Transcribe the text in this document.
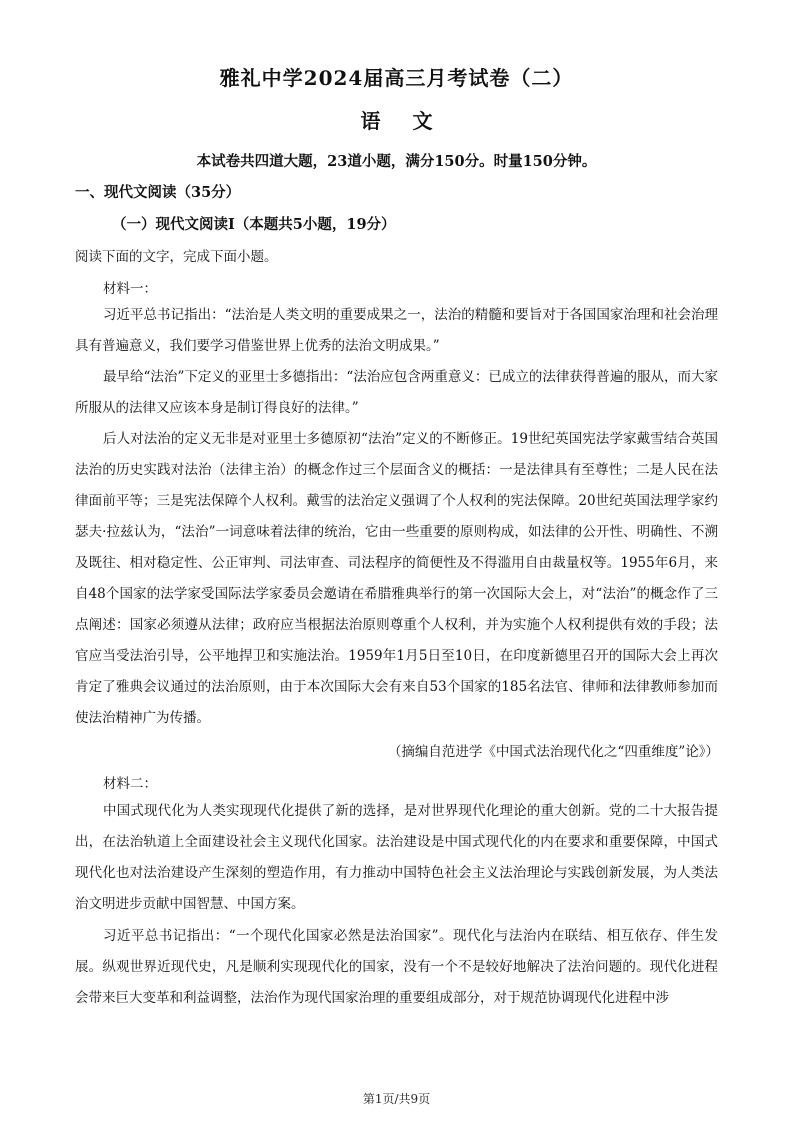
雅礼中学2024届高三月考试卷（二）
语 文
本试卷共四道大题，23道小题，满分150分。时量150分钟。
一、现代文阅读（35分）
（一）现代文阅读Ⅰ（本题共5小题，19分）
阅读下面的文字，完成下面小题。
材料一：

习近平总书记指出：“法治是人类文明的重要成果之一，法治的精髓和要旨对于各国国家治理和社会治理具有普遍意义，我们要学习借鉴世界上优秀的法治文明成果。”

最早给“法治”下定义的亚里士多德指出：“法治应包含两重意义：已成立的法律获得普遍的服从，而大家所服从的法律又应该本身是制订得良好的法律。”

后人对法治的定义无非是对亚里士多德原初“法治”定义的不断修正。19世纪英国宪法学家戴雪结合英国法治的历史实践对法治（法律主治）的概念作过三个层面含义的概括：一是法律具有至尊性；二是人民在法律面前平等；三是宪法保障个人权利。戴雪的法治定义强调了个人权利的宪法保障。20世纪英国法理学家约瑟夫·拉兹认为，“法治”一词意味着法律的统治，它由一些重要的原则构成，如法律的公开性、明确性、不溯及既往、相对稳定性、公正审判、司法审查、司法程序的简便性及不得滥用自由裁量权等。1955年6月，来自48个国家的法学家受国际法学家委员会邀请在希腊雅典举行的第一次国际大会上，对“法治”的概念作了三点阐述：国家必须遵从法律；政府应当根据法治原则尊重个人权利，并为实施个人权利提供有效的手段；法官应当受法治引导，公平地捍卫和实施法治。1959年1月5日至10日，在印度新德里召开的国际大会上再次肯定了雅典会议通过的法治原则，由于本次国际大会有来自53个国家的185名法官、律师和法律教师参加而使法治精神广为传播。

（摘编自范进学《中国式法治现代化之“四重维度”论》）
材料二：

中国式现代化为人类实现现代化提供了新的选择，是对世界现代化理论的重大创新。党的二十大报告提出，在法治轨道上全面建设社会主义现代化国家。法治建设是中国式现代化的内在要求和重要保障，中国式现代化也对法治建设产生深刻的塑造作用，有力推动中国特色社会主义法治理论与实践创新发展，为人类法治文明进步贡献中国智慧、中国方案。

习近平总书记指出：“一个现代化国家必然是法治国家”。现代化与法治内在联结、相互依存、伴生发展。纵观世界近现代史，凡是顺利实现现代化的国家，没有一个不是较好地解决了法治问题的。现代化进程会带来巨大变革和利益调整，法治作为现代国家治理的重要组成部分，对于规范协调现代化进程中涉

第1页/共9页
